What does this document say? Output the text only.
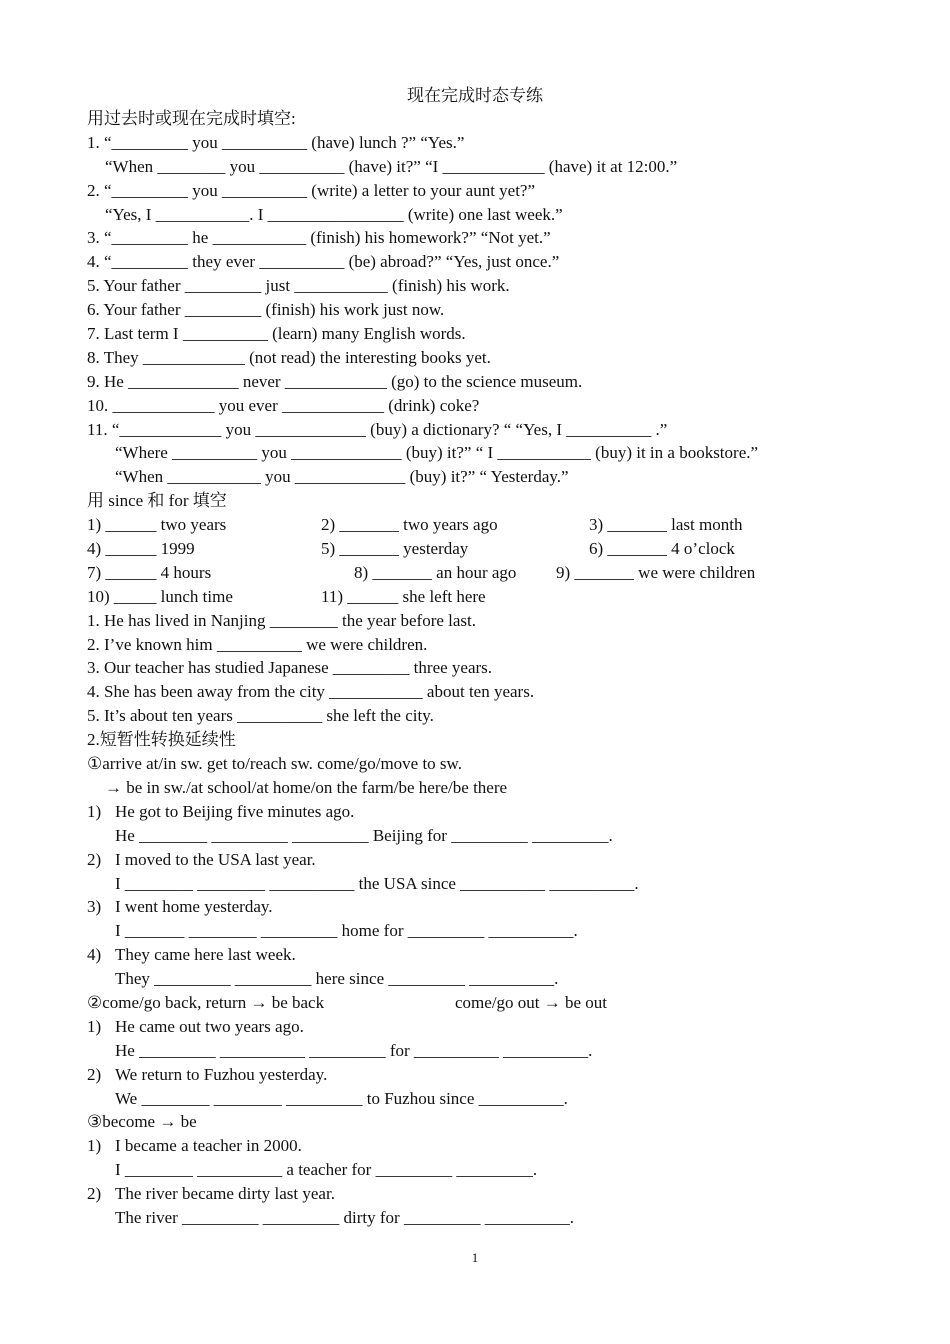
现在完成时态专练
用过去时或现在完成时填空:
1. “_________ you __________ (have) lunch ?” “Yes.”
“When ________ you __________ (have) it?” “I ____________ (have) it at 12:00.”
2. “_________ you __________ (write) a letter to your aunt yet?”
“Yes, I ___________. I ________________ (write) one last week.”
3. “_________ he ___________ (finish) his homework?” “Not yet.”
4. “_________ they ever __________ (be) abroad?” “Yes, just once.”
5. Your father _________ just ___________ (finish) his work.
6. Your father _________ (finish) his work just now.
7. Last term I __________ (learn) many English words.
8. They ____________ (not read) the interesting books yet.
9. He _____________ never ____________ (go) to the science museum.
10. ____________ you ever ____________ (drink) coke?
11. “____________ you _____________ (buy) a dictionary? “ “Yes, I __________ .”
“Where __________ you _____________ (buy) it?” “ I ___________ (buy) it in a bookstore.”
“When ___________ you _____________ (buy) it?” “ Yesterday.”
用 since 和 for 填空
1) ______ two years	2) _______ two years ago	3) _______ last month
4) ______ 1999	5) _______ yesterday	6) _______ 4 o’clock
7) ______ 4 hours	8) _______ an hour ago 9) _______ we were children
10) _____ lunch time	11) ______ she left here
1. He has lived in Nanjing ________ the year before last.
2. I’ve known him __________ we were children.
3. Our teacher has studied Japanese _________ three years.
4. She has been away from the city ___________ about ten years.
5. It’s about ten years __________ she left the city.
2.短暂性转换延续性
①arrive at/in sw. get to/reach sw. come/go/move to sw.
→ be in sw./at school/at home/on the farm/be here/be there
1) He got to Beijing five minutes ago.
He ________ _________ _________ Beijing for _________ _________.
2) I moved to the USA last year.
I ________ ________ __________ the USA since __________ __________.
3) I went home yesterday.
I _______ ________ _________ home for _________ __________.
4) They came here last week.
They _________ _________ here since _________ __________.
②come/go back, return → be back	come/go out → be out
1) He came out two years ago.
He _________ __________ _________ for __________ __________.
2) We return to Fuzhou yesterday.
We ________ ________ _________ to Fuzhou since __________.
③become → be
1) I became a teacher in 2000.
I ________ __________ a teacher for _________ _________.
2) The river became dirty last year.
The river _________ _________ dirty for _________ __________.
1
